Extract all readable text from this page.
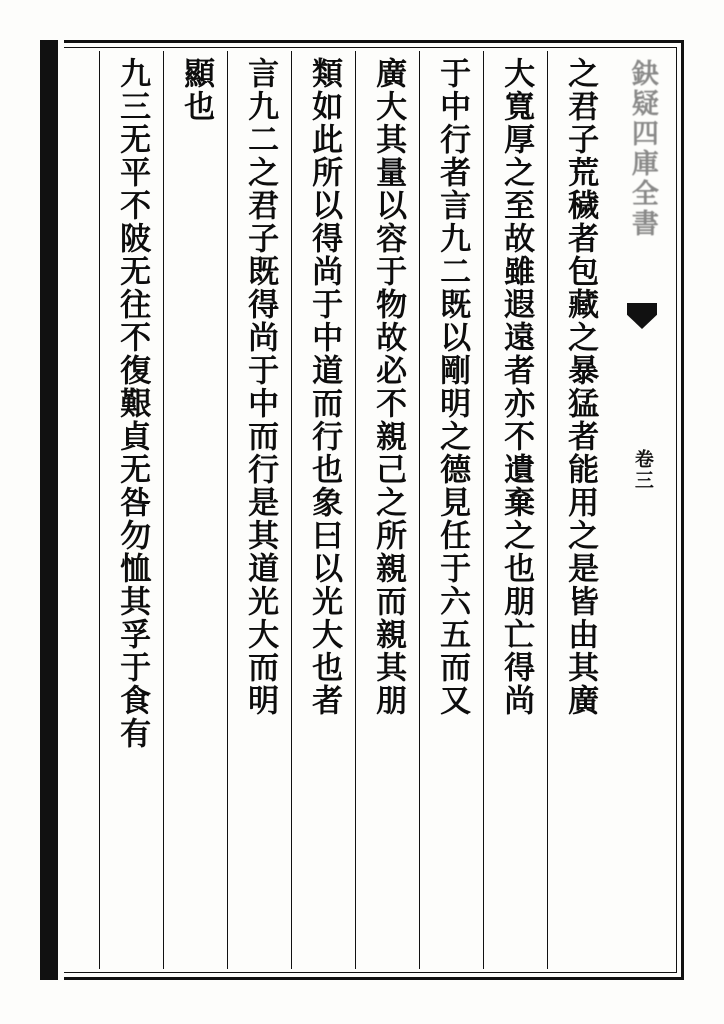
鈌疑四庫全書
卷三
之君子荒穢者包藏之暴猛者能用之是皆由其廣
大寬厚之至故雖遐遠者亦不遺棄之也朋亡得尚
于中行者言九二既以剛明之德見任于六五而又
廣大其量以容于物故必不親己之所親而親其朋
類如此所以得尚于中道而行也象曰以光大也者
言九二之君子既得尚于中而行是其道光大而明
顯也
九三无平不陂无往不復艱貞无咎勿恤其孚于食有
